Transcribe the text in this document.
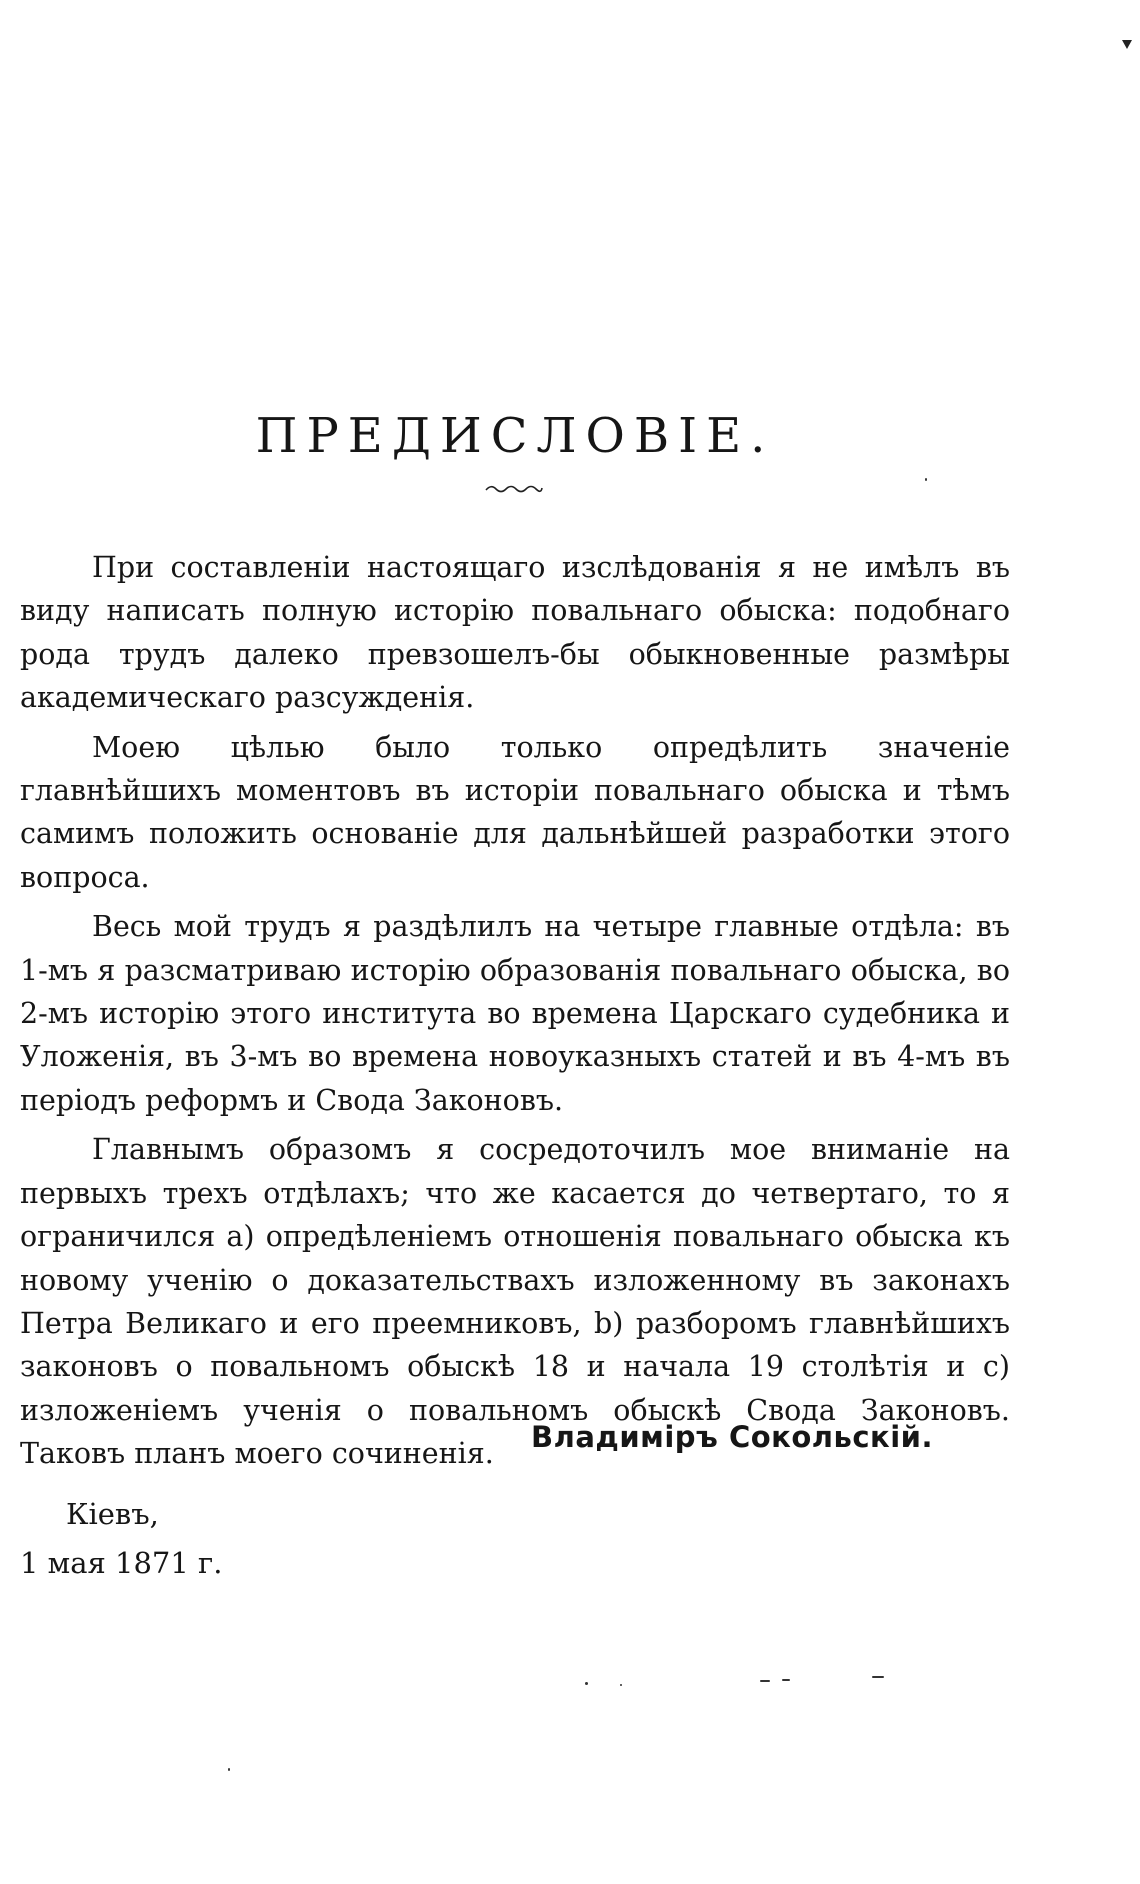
ПРЕДИСЛОВІЕ.

При составленіи настоящаго изслѣдованія я не имѣлъ въ виду написать полную исторію повальнаго обыска: подобнаго рода трудъ далеко превзошелъ-бы обыкновенные размѣры академическаго разсужденія.

Моею цѣлью было только опредѣлить значеніе главнѣйшихъ моментовъ въ исторіи повальнаго обыска и тѣмъ самимъ положить основаніе для дальнѣйшей разработки этого вопроса.

Весь мой трудъ я раздѣлилъ на четыре главные отдѣла: въ 1-мъ я разсматриваю исторію образованія повальнаго обыска, во 2-мъ исторію этого института во времена Царскаго судебника и Уложенія, въ 3-мъ во времена новоуказныхъ статей и въ 4-мъ въ періодъ реформъ и Свода Законовъ.

Главнымъ образомъ я сосредоточилъ мое вниманіе на первыхъ трехъ отдѣлахъ; что же касается до четвертаго, то я ограничился a) опредѣленіемъ отношенія повальнаго обыска къ новому ученію о доказательствахъ изложенному въ законахъ Петра Великаго и его преемниковъ, b) разборомъ главнѣйшихъ законовъ о повальномъ обыскѣ 18 и начала 19 столѣтія и c) изложеніемъ ученія о повальномъ обыскѣ Свода Законовъ. Таковъ планъ моего сочиненія.	Владиміръ Сокольскій.
Кіевъ,
1 мая 1871 г.
